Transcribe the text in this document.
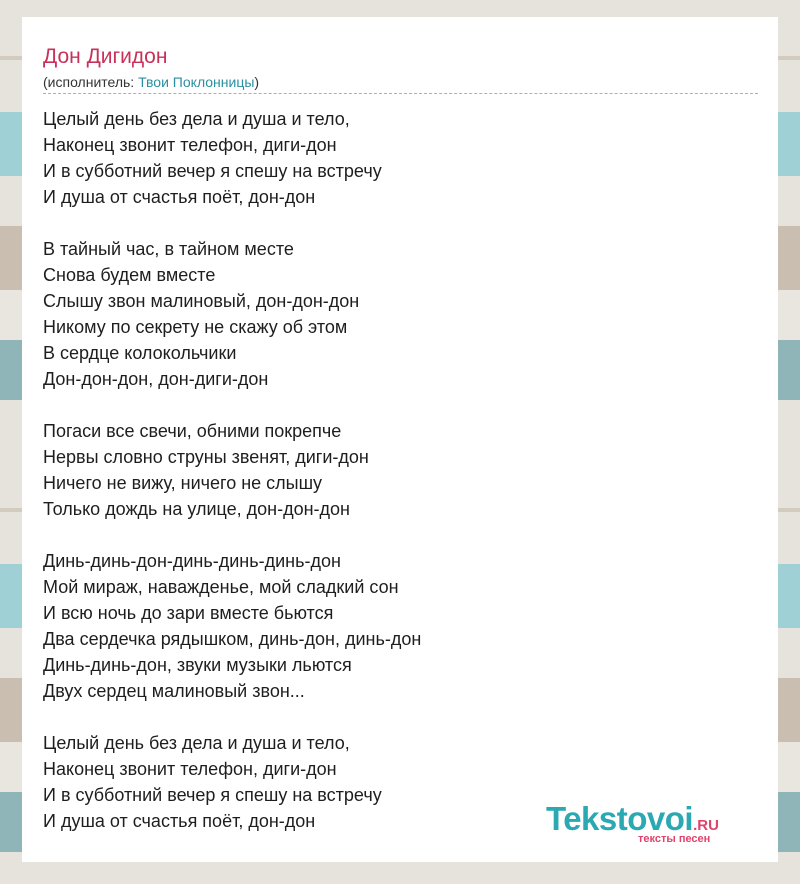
Дон Дигидон
(исполнитель: Твои Поклонницы)
Целый день без дела и душа и тело,
Наконец звонит телефон, диги-дон
И в субботний вечер я спешу на встречу
И душа от счастья поёт, дон-дон
В тайный час, в тайном месте
Снова будем вместе
Слышу звон малиновый, дон-дон-дон
Никому по секрету не скажу об этом
В сердце колокольчики
Дон-дон-дон, дон-диги-дон
Погаси все свечи, обними покрепче
Нервы словно струны звенят, диги-дон
Ничего не вижу, ничего не слышу
Только дождь на улице, дон-дон-дон
Динь-динь-дон-динь-динь-динь-дон
Мой мираж, наважденье, мой сладкий сон
И всю ночь до зари вместе бьются
Два сердечка рядышком, динь-дон, динь-дон
Динь-динь-дон, звуки музыки льются
Двух сердец малиновый звон...
Целый день без дела и душа и тело,
Наконец звонит телефон, диги-дон
И в субботний вечер я спешу на встречу
И душа от счастья поёт, дон-дон	Tekstovoi.RU
тексты песен
